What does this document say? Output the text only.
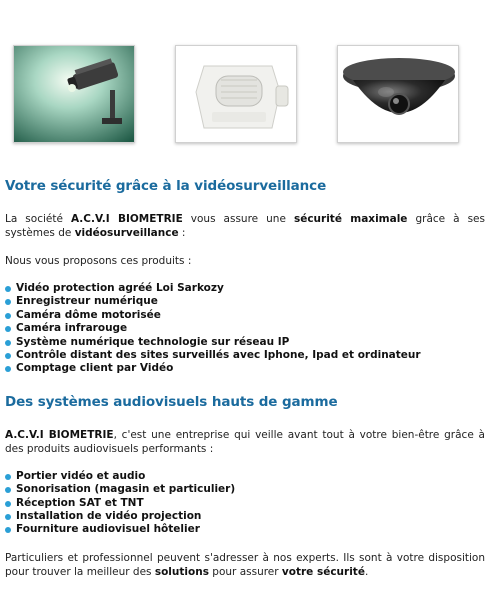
Votre sécurité grâce à la vidéosurveillance

La société A.C.V.I BIOMETRIE vous assure une sécurité maximale grâce à ses systèmes de vidéosurveillance :

Nous vous proposons ces produits :

Vidéo protection agréé Loi Sarkozy
Enregistreur numérique
Caméra dôme motorisée
Caméra infrarouge
Système numérique technologie sur réseau IP
Contrôle distant des sites surveillés avec Iphone, Ipad et ordinateur
Comptage client par Vidéo
Des systèmes audiovisuels hauts de gamme

A.C.V.I BIOMETRIE, c'est une entreprise qui veille avant tout à votre bien-être grâce à des produits audiovisuels performants :

Portier vidéo et audio
Sonorisation (magasin et particulier)
Réception SAT et TNT
Installation de vidéo projection
Fourniture audiovisuel hôtelier

Particuliers et professionnel peuvent s'adresser à nos experts. Ils sont à votre disposition pour trouver la meilleur des solutions pour assurer votre sécurité.
